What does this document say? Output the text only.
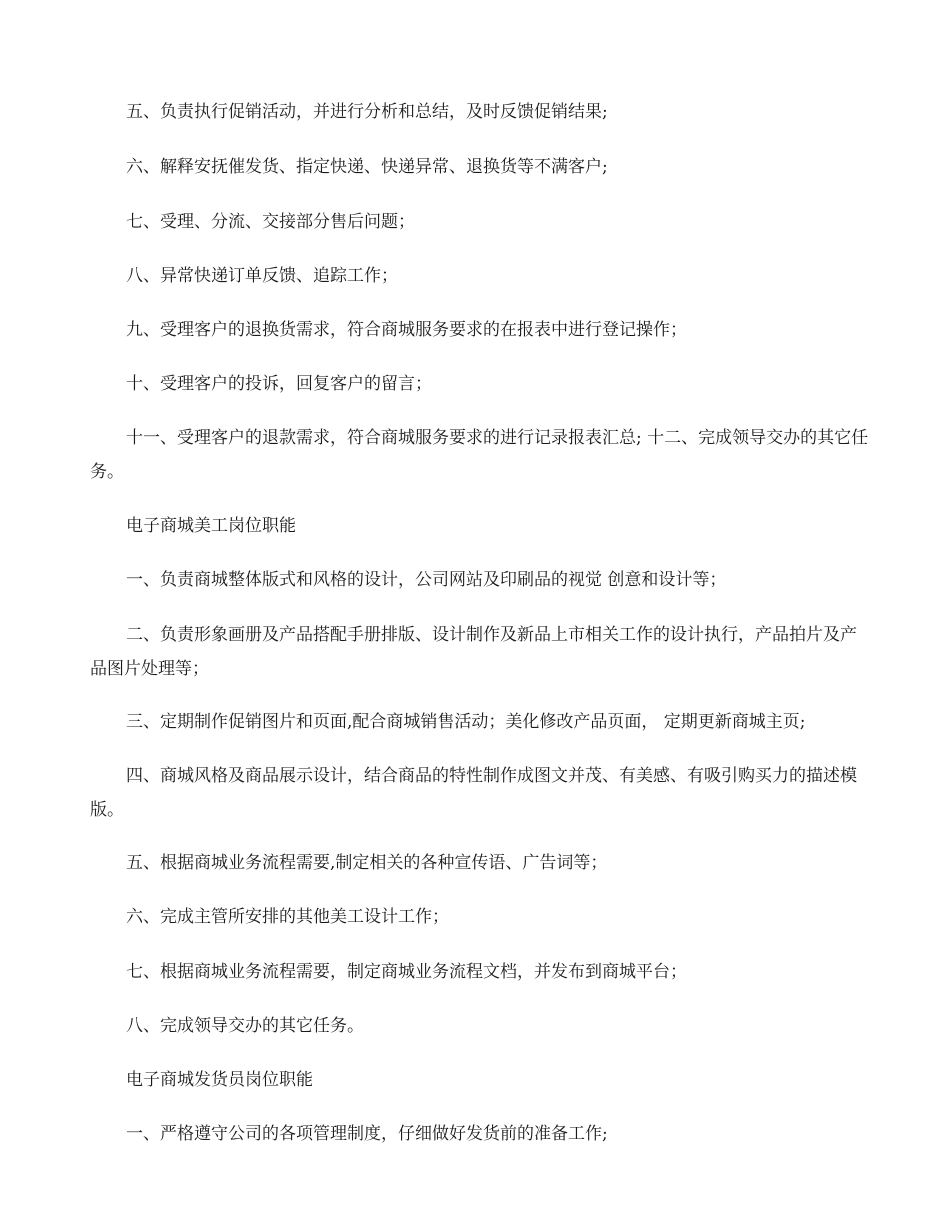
五、负责执行促销活动，并进行分析和总结，及时反馈促销结果;

六、解释安抚催发货、指定快递、快递异常、退换货等不满客户;

七、受理、分流、交接部分售后问题；

八、异常快递订单反馈、追踪工作；

九、受理客户的退换货需求，符合商城服务要求的在报表中进行登记操作；

十、受理客户的投诉，回复客户的留言；

十一、受理客户的退款需求，符合商城服务要求的进行记录报表汇总; 十二、完成领导交办的其它任务。

电子商城美工岗位职能

一、负责商城整体版式和风格的设计，公司网站及印刷品的视觉 创意和设计等；

二、负责形象画册及产品搭配手册排版、设计制作及新品上市相关工作的设计执行，产品拍片及产品图片处理等；

三、定期制作促销图片和页面,配合商城销售活动；美化修改产品页面， 定期更新商城主页;

四、商城风格及商品展示设计，结合商品的特性制作成图文并茂、有美感、有吸引购买力的描述模版。

五、根据商城业务流程需要,制定相关的各种宣传语、广告词等；

六、完成主管所安排的其他美工设计工作；

七、根据商城业务流程需要，制定商城业务流程文档，并发布到商城平台；

八、完成领导交办的其它任务。

电子商城发货员岗位职能

一、严格遵守公司的各项管理制度，仔细做好发货前的准备工作;
